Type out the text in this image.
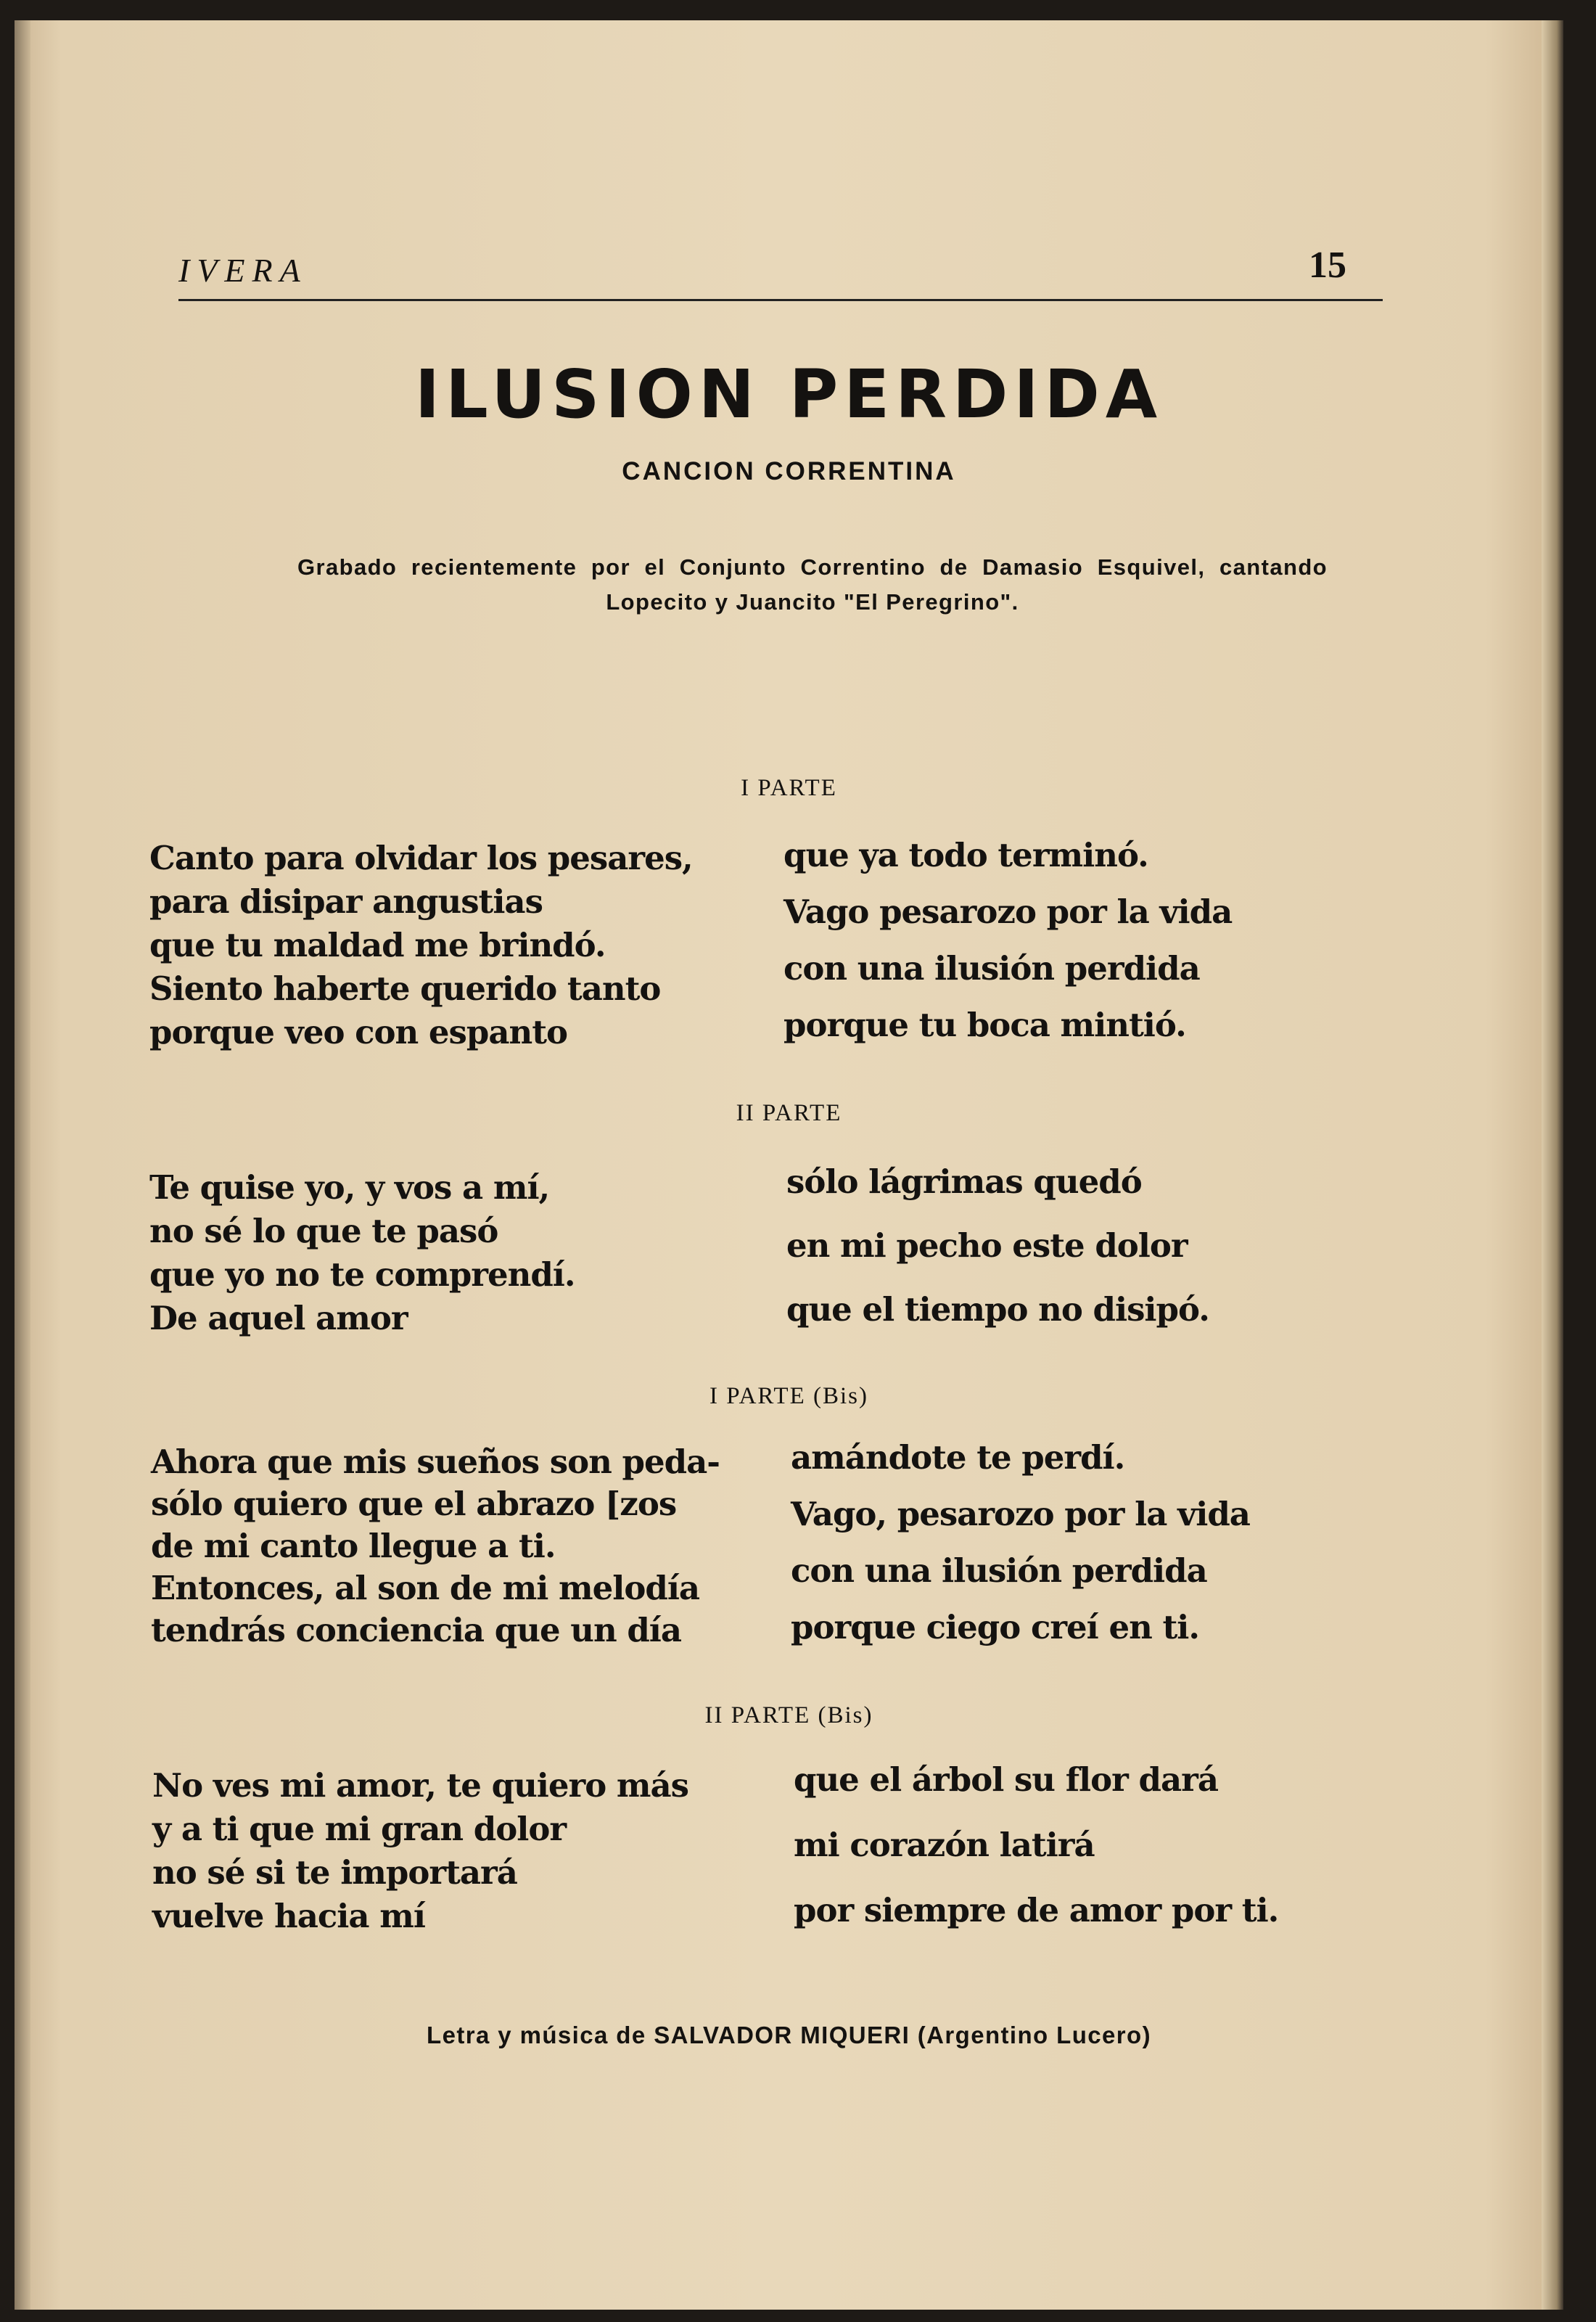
IVERA	15
ILUSION PERDIDA
CANCION CORRENTINA
Grabado recientemente por el Conjunto Correntino de Damasio Esquivel, cantando Lopecito y Juancito "El Peregrino".
I PARTE
Canto para olvidar los pesares,
para disipar angustias
que tu maldad me brindó.
Siento haberte querido tanto
porque veo con espanto
que ya todo terminó.
Vago pesarozo por la vida
con una ilusión perdida
porque tu boca mintió.
II PARTE
Te quise yo, y vos a mí,
no sé lo que te pasó
que yo no te comprendí.
De aquel amor
sólo lágrimas quedó
en mi pecho este dolor
que el tiempo no disipó.
I PARTE (Bis)
Ahora que mis sueños son peda-
sólo quiero que el abrazo [zos
de mi canto llegue a ti.
Entonces, al son de mi melodía
tendrás conciencia que un día
amándote te perdí.
Vago, pesarozo por la vida
con una ilusión perdida
porque ciego creí en ti.
II PARTE (Bis)
No ves mi amor, te quiero más
y a ti que mi gran dolor
no sé si te importará
vuelve hacia mí
que el árbol su flor dará
mi corazón latirá
por siempre de amor por ti.
Letra y música de SALVADOR MIQUERI (Argentino Lucero)
